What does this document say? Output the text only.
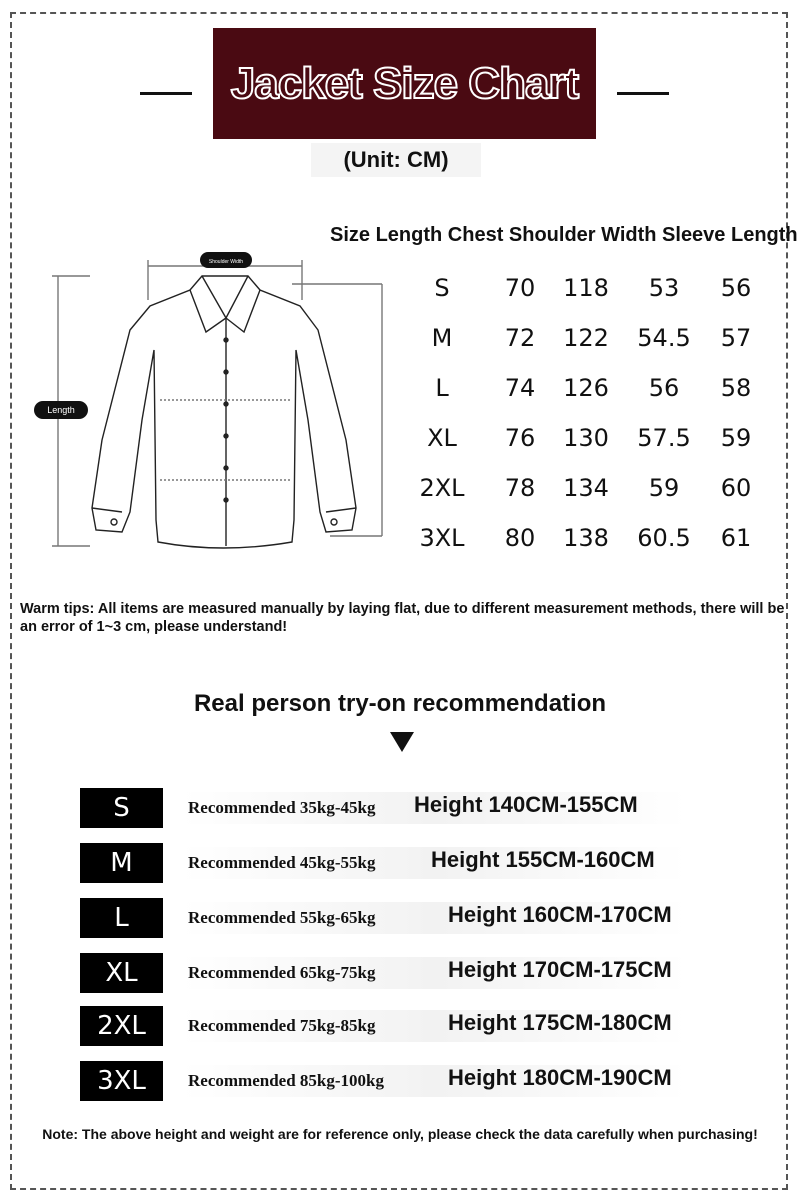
Jacket Size Chart
(Unit: CM)
Shoulder Width
Length
Size Length Chest Shoulder Width Sleeve Length
S	70	118	53	56
M	72	122	54.5	57
L	74	126	56	58
XL	76	130	57.5	59
2XL	78	134	59	60
3XL	80	138	60.5	61
Warm tips: All items are measured manually by laying flat, due to different measurement methods, there will be an error of 1~3 cm, please understand!
Real person try-on recommendation
S	Recommended 35kg-45kg Height 140CM-155CM
M	Recommended 45kg-55kg	Height 155CM-160CM
L	Recommended 55kg-65kg	Height 160CM-170CM
XL	Recommended 65kg-75kg	Height 170CM-175CM
2XL	Recommended 75kg-85kg	Height 175CM-180CM
3XL	Recommended 85kg-100kg	Height 180CM-190CM
Note: The above height and weight are for reference only, please check the data carefully when purchasing!
